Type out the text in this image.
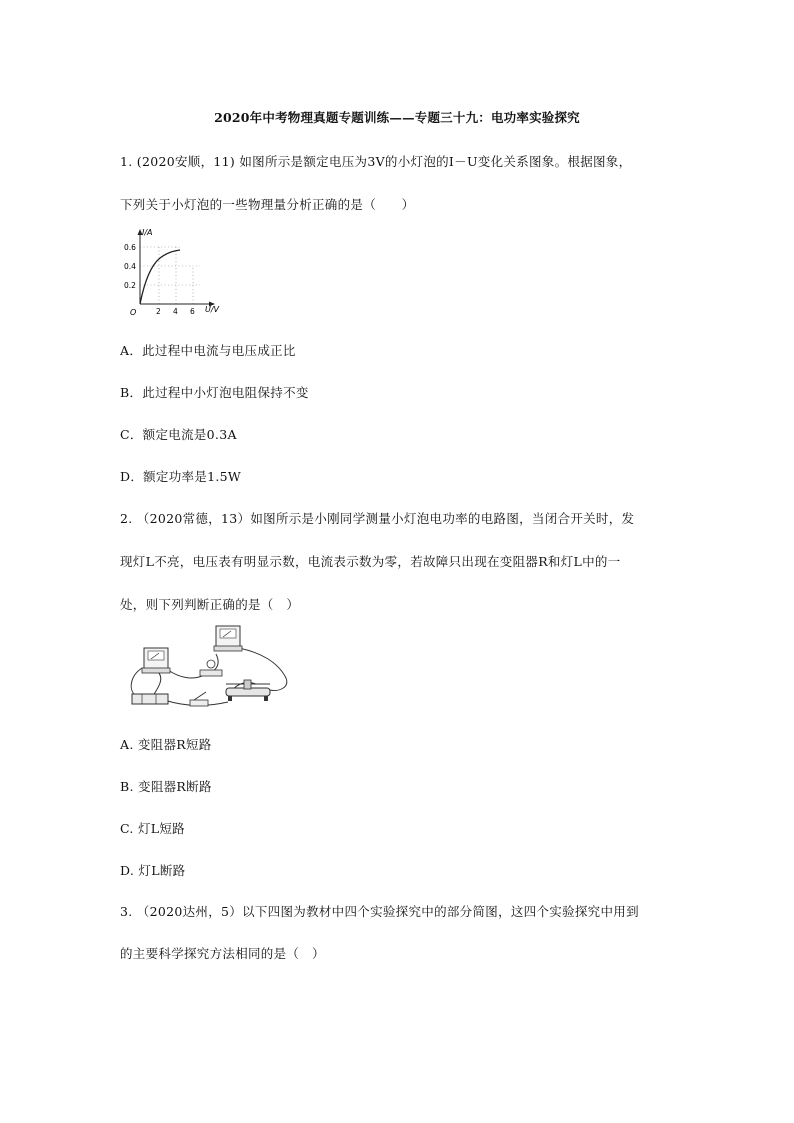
2020年中考物理真题专题训练——专题三十九：电功率实验探究
1. (2020安顺，11) 如图所示是额定电压为3V的小灯泡的I－U变化关系图象。根据图象，
下列关于小灯泡的一些物理量分析正确的是（　　）
I/A
U/V
O
0.6
0.4
0.2
2 4 6
A．此过程中电流与电压成正比
B．此过程中小灯泡电阻保持不变
C．额定电流是0.3A
D．额定功率是1.5W
2. （2020常德，13）如图所示是小刚同学测量小灯泡电功率的电路图，当闭合开关时，发
现灯L不亮，电压表有明显示数，电流表示数为零，若故障只出现在变阻器R和灯L中的一
处，则下列判断正确的是（　）
A. 变阻器R短路
B. 变阻器R断路
C. 灯L短路
D. 灯L断路
3. （2020达州，5）以下四图为教材中四个实验探究中的部分简图，这四个实验探究中用到
的主要科学探究方法相同的是（　）
